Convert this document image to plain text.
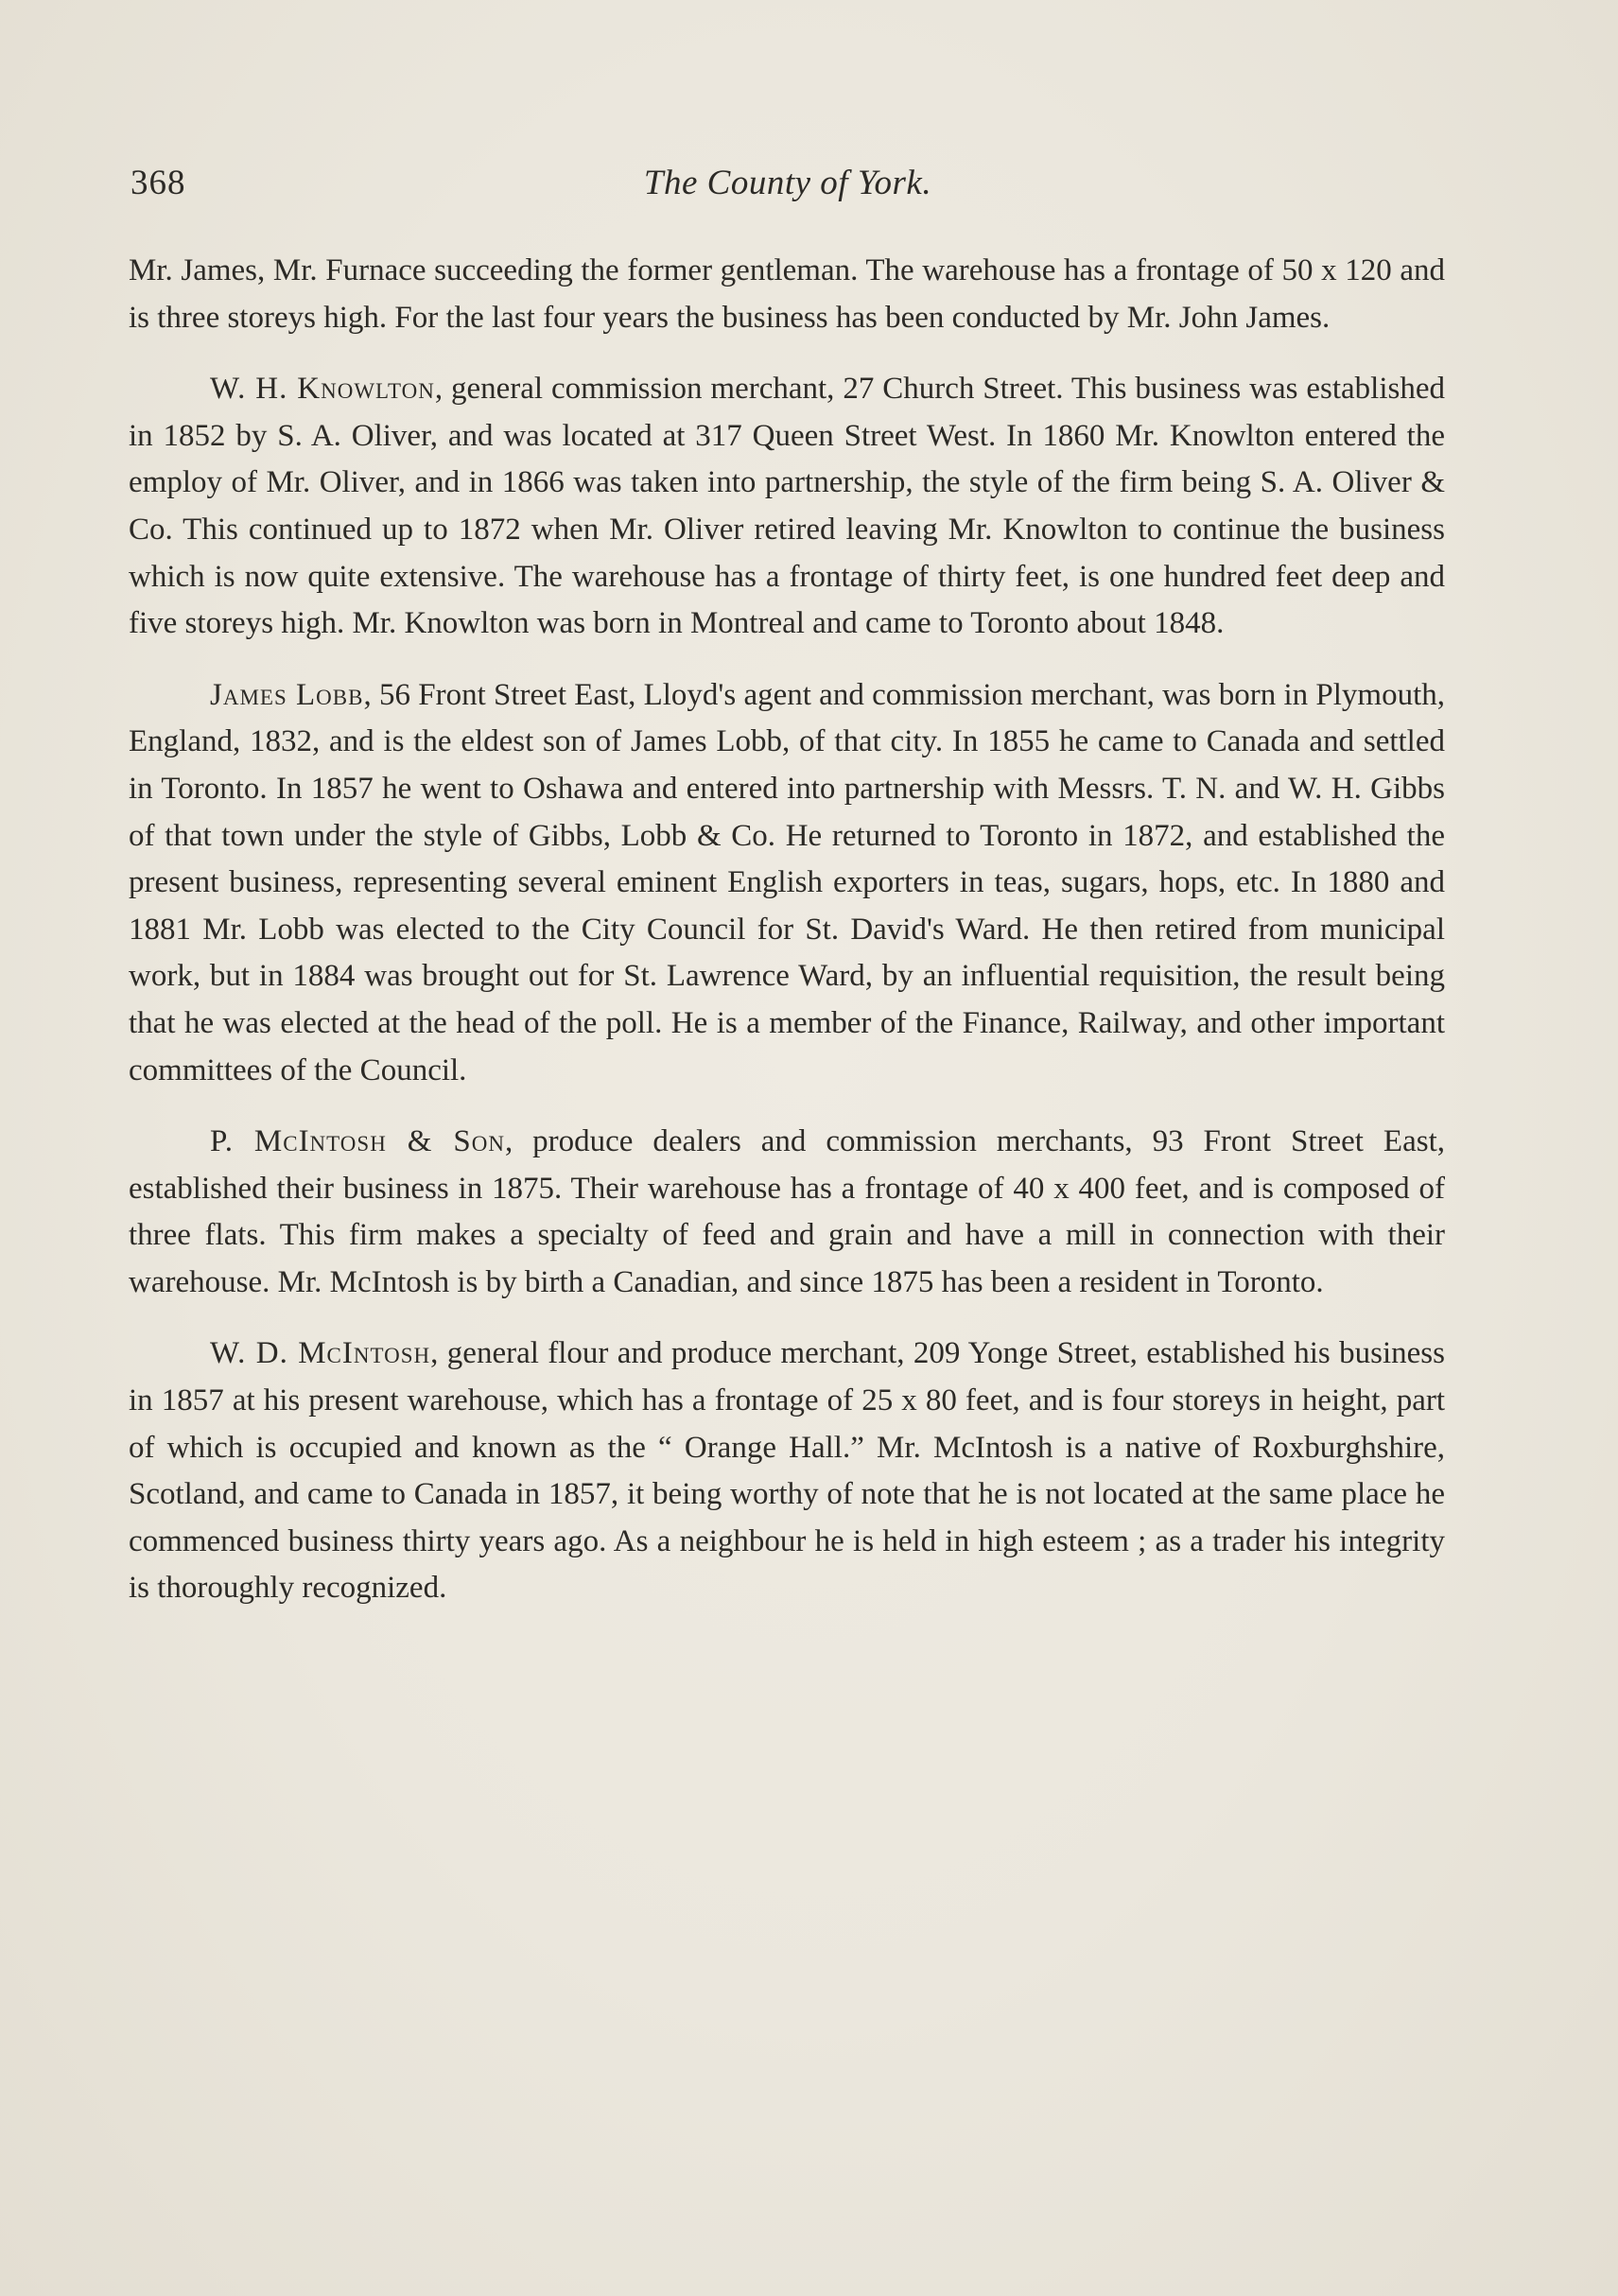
368	The County of York.

Mr. James, Mr. Furnace succeeding the former gentleman. The warehouse has a frontage of 50 x 120 and is three storeys high. For the last four years the business has been conducted by Mr. John James.

W. H. Knowlton, general commission merchant, 27 Church Street. This business was established in 1852 by S. A. Oliver, and was located at 317 Queen Street West. In 1860 Mr. Knowlton entered the employ of Mr. Oliver, and in 1866 was taken into partnership, the style of the firm being S. A. Oliver & Co. This continued up to 1872 when Mr. Oliver retired leaving Mr. Knowlton to continue the business which is now quite extensive. The warehouse has a frontage of thirty feet, is one hundred feet deep and five storeys high. Mr. Knowlton was born in Montreal and came to Toronto about 1848.

James Lobb, 56 Front Street East, Lloyd's agent and commission merchant, was born in Plymouth, England, 1832, and is the eldest son of James Lobb, of that city. In 1855 he came to Canada and settled in Toronto. In 1857 he went to Oshawa and entered into partnership with Messrs. T. N. and W. H. Gibbs of that town under the style of Gibbs, Lobb & Co. He returned to Toronto in 1872, and established the present business, representing several eminent English exporters in teas, sugars, hops, etc. In 1880 and 1881 Mr. Lobb was elected to the City Council for St. David's Ward. He then retired from municipal work, but in 1884 was brought out for St. Lawrence Ward, by an influential requisition, the result being that he was elected at the head of the poll. He is a member of the Finance, Railway, and other important committees of the Council.

P. McIntosh & Son, produce dealers and commission merchants, 93 Front Street East, established their business in 1875. Their warehouse has a frontage of 40 x 400 feet, and is composed of three flats. This firm makes a specialty of feed and grain and have a mill in connection with their warehouse. Mr. McIntosh is by birth a Canadian, and since 1875 has been a resident in Toronto.

W. D. McIntosh, general flour and produce merchant, 209 Yonge Street, established his business in 1857 at his present warehouse, which has a frontage of 25 x 80 feet, and is four storeys in height, part of which is occupied and known as the “ Orange Hall.” Mr. McIntosh is a native of Roxburghshire, Scotland, and came to Canada in 1857, it being worthy of note that he is not located at the same place he commenced business thirty years ago. As a neighbour he is held in high esteem ; as a trader his integrity is thoroughly recognized.
